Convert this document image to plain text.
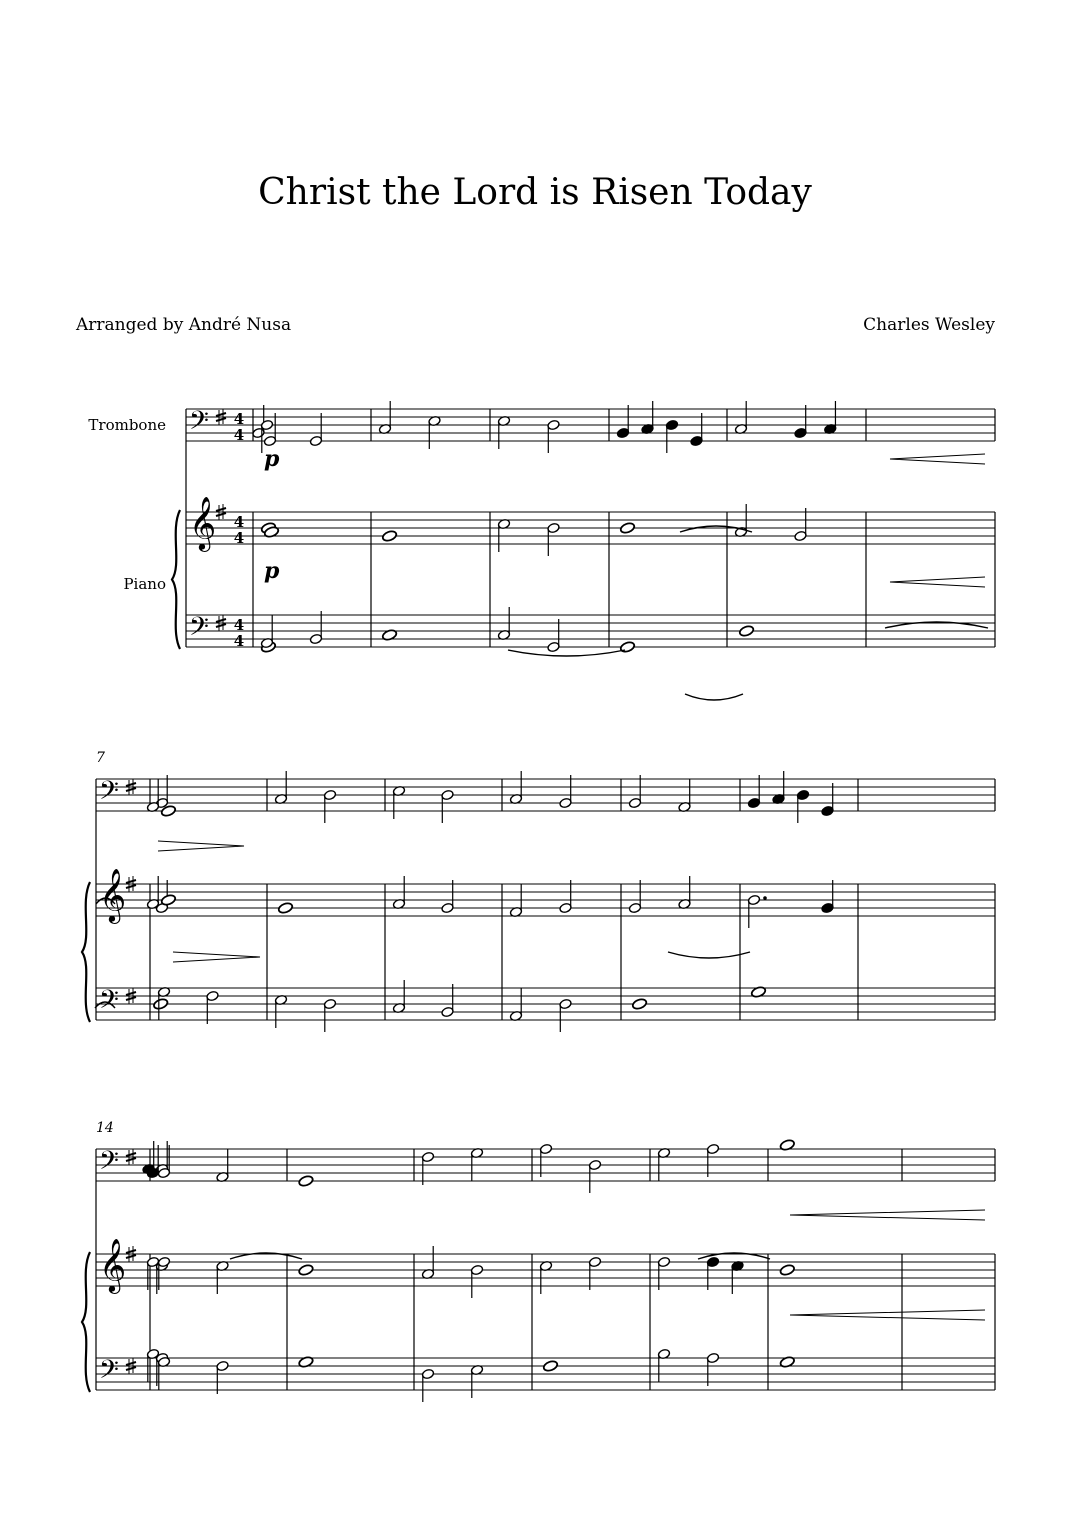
Christ the Lord is Risen Today
Arranged by André Nusa	Charles Wesley
Trombone
Piano
7
14
p
p
𝄢
𝄞
𝄢
4
4
4
4
4
4
𝄢
𝄞
𝄢
𝄢
𝄞
𝄢
